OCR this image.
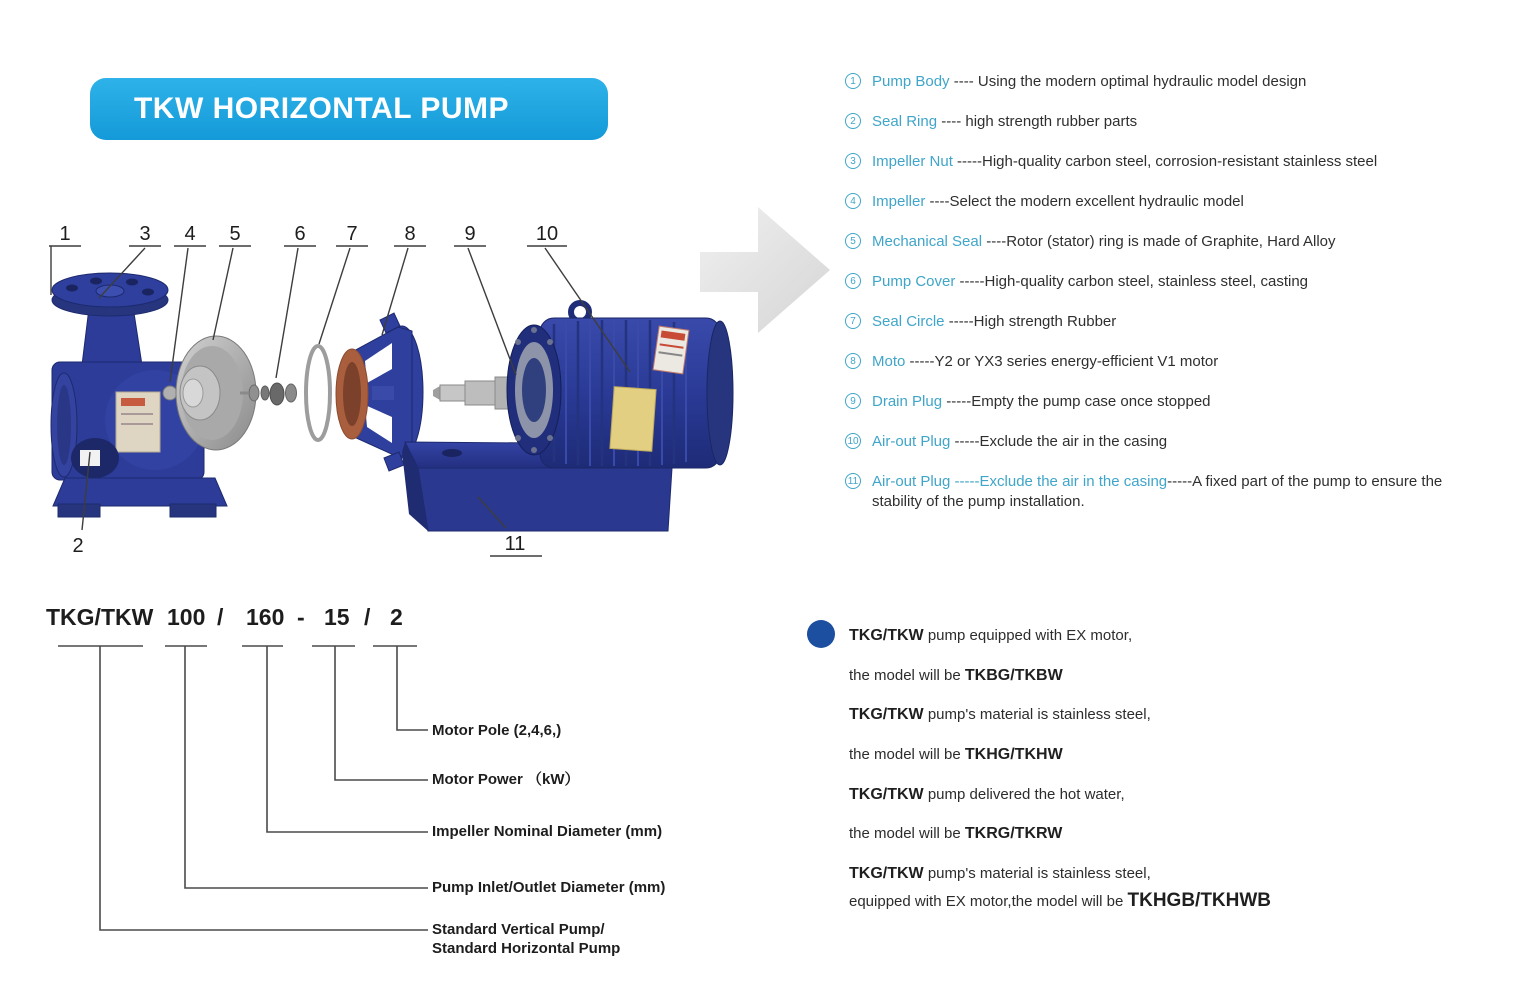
TKW HORIZONTAL PUMP
1	3 4 5	6 7 8 9	10
2	11
1	Pump Body ---- Using the modern optimal hydraulic model design
2	Seal Ring ---- high strength rubber parts
3	Impeller Nut -----High-quality carbon steel, corrosion-resistant stainless steel
4	Impeller ----Select the modern excellent hydraulic model
5	Mechanical Seal ----Rotor (stator) ring is made of Graphite, Hard Alloy
6	Pump Cover -----High-quality carbon steel, stainless steel, casting
7	Seal Circle -----High strength Rubber
8	Moto -----Y2 or YX3 series energy-efficient V1 motor
9	Drain Plug -----Empty the pump case once stopped
10 Air-out Plug -----Exclude the air in the casing
11 Air-out Plug -----Exclude the air in the casing-----A fixed part of the pump to ensure the stability of the pump installation.
TKG/TKW 100 / 160 - 15 / 2
Motor Pole (2,4,6,)
Motor Power （kW）
Impeller Nominal Diameter (mm)
Pump Inlet/Outlet Diameter (mm)
Standard Vertical Pump/
Standard Horizontal Pump
TKG/TKW pump equipped with EX motor,
the model will be TKBG/TKBW
TKG/TKW pump's material is stainless steel,
the model will be TKHG/TKHW
TKG/TKW pump delivered the hot water,
the model will be TKRG/TKRW
TKG/TKW pump's material is stainless steel,
equipped with EX motor,the model will be TKHGB/TKHWB
